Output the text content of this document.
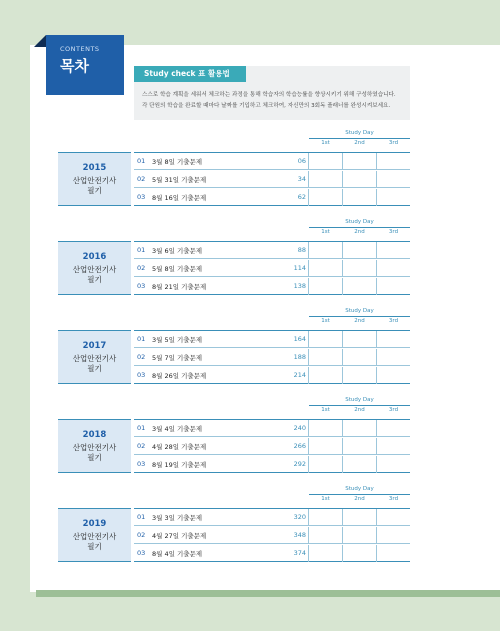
CONTENTS
목차	Study check 표 활용법
스스로 학습 계획을 세워서 체크하는 과정을 통해 학습자의 학습능률을 향상시키기 위해 구성하였습니다.
각 단원의 학습을 완료할 때마다 날짜를 기입하고 체크하여, 자신만의 3회독 플래너를 완성시켜보세요.
Study Day
1st	2nd	3rd
2015
산업안전기사
필기
01 3월 8일 기출문제	06
02 5월 31일 기출문제	34
03 8월 16일 기출문제	62
Study Day
1st	2nd	3rd
2016
산업안전기사
필기
01 3월 6일 기출문제	88
02 5월 8일 기출문제	114
03 8월 21일 기출문제	138
Study Day
1st	2nd	3rd
2017
산업안전기사
필기
01 3월 5일 기출문제	164
02 5월 7일 기출문제	188
03 8월 26일 기출문제	214
Study Day
1st	2nd	3rd
2018
산업안전기사
필기
01 3월 4일 기출문제	240
02 4월 28일 기출문제	266
03 8월 19일 기출문제	292
Study Day
1st	2nd	3rd
2019
산업안전기사
필기
01 3월 3일 기출문제	320
02 4월 27일 기출문제	348
03 8월 4일 기출문제	374
